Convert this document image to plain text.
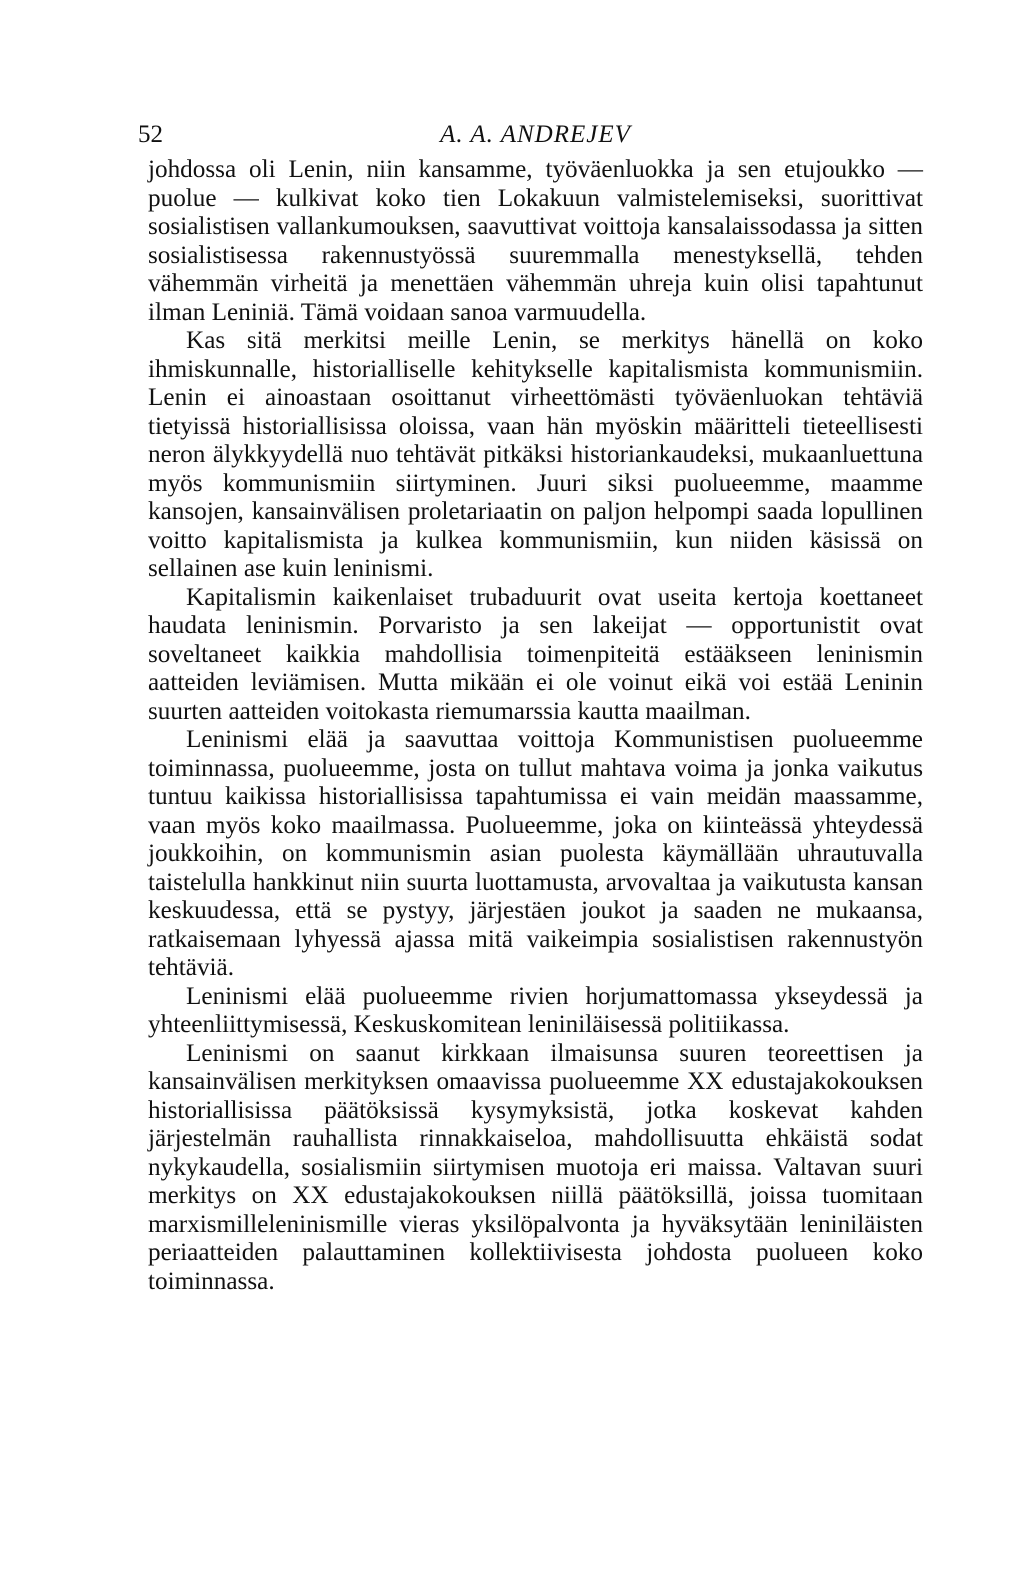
52	A. A. ANDREJEV

johdossa oli Lenin, niin kansamme, työväenluokka ja sen etujoukko — puolue — kulkivat koko tien Lokakuun valmistelemiseksi, suorittivat sosialistisen vallankumouksen, saavuttivat voittoja kansalaissodassa ja sitten sosialistisessa rakennustyössä suuremmalla menestyksellä, tehden vähemmän virheitä ja menettäen vähemmän uhreja kuin olisi tapahtunut ilman Leniniä. Tämä voidaan sanoa varmuudella.

Kas sitä merkitsi meille Lenin, se merkitys hänellä on koko ihmiskunnalle, historialliselle kehitykselle kapitalismista kommunismiin. Lenin ei ainoastaan osoittanut virheettömästi työväenluokan tehtäviä tietyissä historiallisissa oloissa, vaan hän myöskin määritteli tieteellisesti neron älykkyydellä nuo tehtävät pitkäksi historiankaudeksi, mukaanluettuna myös kommunismiin siirtyminen. Juuri siksi puolueemme, maamme kansojen, kansainvälisen proletariaatin on paljon helpompi saada lopullinen voitto kapitalismista ja kulkea kommunismiin, kun niiden käsissä on sellainen ase kuin leninismi.

Kapitalismin kaikenlaiset trubaduurit ovat useita kertoja koettaneet haudata leninismin. Porvaristo ja sen lakeijat — opportunistit ovat soveltaneet kaikkia mahdollisia toimenpiteitä estääkseen leninismin aatteiden leviämisen. Mutta mikään ei ole voinut eikä voi estää Leninin suurten aatteiden voitokasta riemumarssia kautta maailman.

Leninismi elää ja saavuttaa voittoja Kommunistisen puolueemme toiminnassa, puolueemme, josta on tullut mahtava voima ja jonka vaikutus tuntuu kaikissa historiallisissa tapahtumissa ei vain meidän maassamme, vaan myös koko maailmassa. Puolueemme, joka on kiinteässä yhteydessä joukkoihin, on kommunismin asian puolesta käymällään uhrautuvalla taistelulla hankkinut niin suurta luottamusta, arvovaltaa ja vaikutusta kansan keskuudessa, että se pystyy, järjestäen joukot ja saaden ne mukaansa, ratkaisemaan lyhyessä ajassa mitä vaikeimpia sosialistisen rakennustyön tehtäviä.

Leninismi elää puolueemme rivien horjumattomassa ykseydessä ja yhteenliittymisessä, Keskuskomitean leniniläisessä politiikassa.

Leninismi on saanut kirkkaan ilmaisunsa suuren teoreettisen ja kansainvälisen merkityksen omaavissa puolueemme XX edustajakokouksen historiallisissa päätöksissä kysymyksistä, jotka koskevat kahden järjestelmän rauhallista rinnakkaiseloa, mahdollisuutta ehkäistä sodat nykykaudella, sosialismiin siirtymisen muotoja eri maissa. Valtavan suuri merkitys on XX edustajakokouksen niillä päätöksillä, joissa tuomitaan marxismilleleninismille vieras yksilöpalvonta ja hyväksytään leniniläisten periaatteiden palauttaminen kollektiivisesta johdosta puolueen koko toiminnassa.
